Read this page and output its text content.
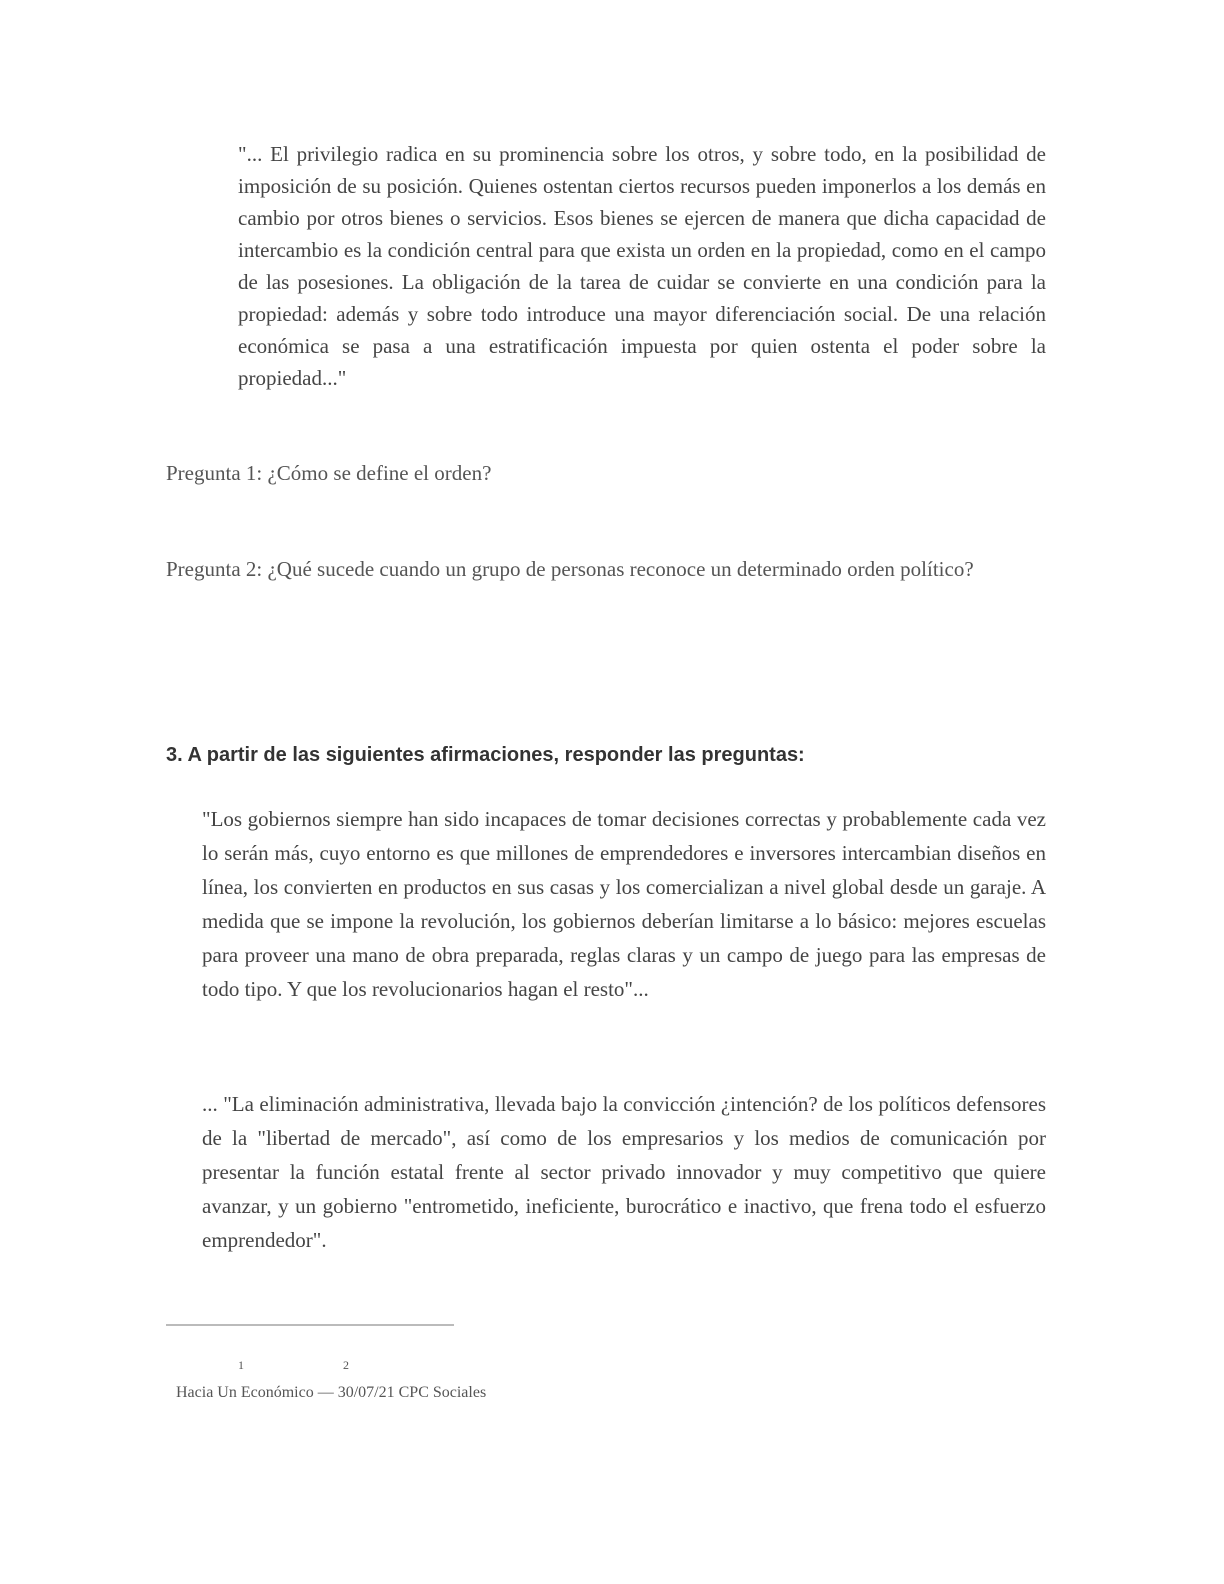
"... El privilegio radica en su prominencia sobre los otros, y sobre todo, en la posibilidad de imposición de su posición. Quienes ostentan ciertos recursos pueden imponerlos a los demás en cambio por otros bienes o servicios. Esos bienes se ejercen de manera que dicha capacidad de intercambio es la condición central para que exista un orden en la propiedad, como en el campo de las posesiones. La obligación de la tarea de cuidar se convierte en una condición para la propiedad: además y sobre todo introduce una mayor diferenciación social. De una relación económica se pasa a una estratificación impuesta por quien ostenta el poder sobre la propiedad..."

Pregunta 1: ¿Cómo se define el orden?

Pregunta 2: ¿Qué sucede cuando un grupo de personas reconoce un determinado orden político?

3. A partir de las siguientes afirmaciones, responder las preguntas:

"Los gobiernos siempre han sido incapaces de tomar decisiones correctas y probablemente cada vez lo serán más, cuyo entorno es que millones de emprendedores e inversores intercambian diseños en línea, los convierten en productos en sus casas y los comercializan a nivel global desde un garaje. A medida que se impone la revolución, los gobiernos deberían limitarse a lo básico: mejores escuelas para proveer una mano de obra preparada, reglas claras y un campo de juego para las empresas de todo tipo. Y que los revolucionarios hagan el resto"...

... "La eliminación administrativa, llevada bajo la convicción ¿intención? de los políticos defensores de la "libertad de mercado", así como de los empresarios y los medios de comunicación por presentar la función estatal frente al sector privado innovador y muy competitivo que quiere avanzar, y un gobierno "entrometido, ineficiente, burocrático e inactivo, que frena todo el esfuerzo emprendedor".

1	2
Hacia Un Económico — 30/07/21 CPC Sociales
